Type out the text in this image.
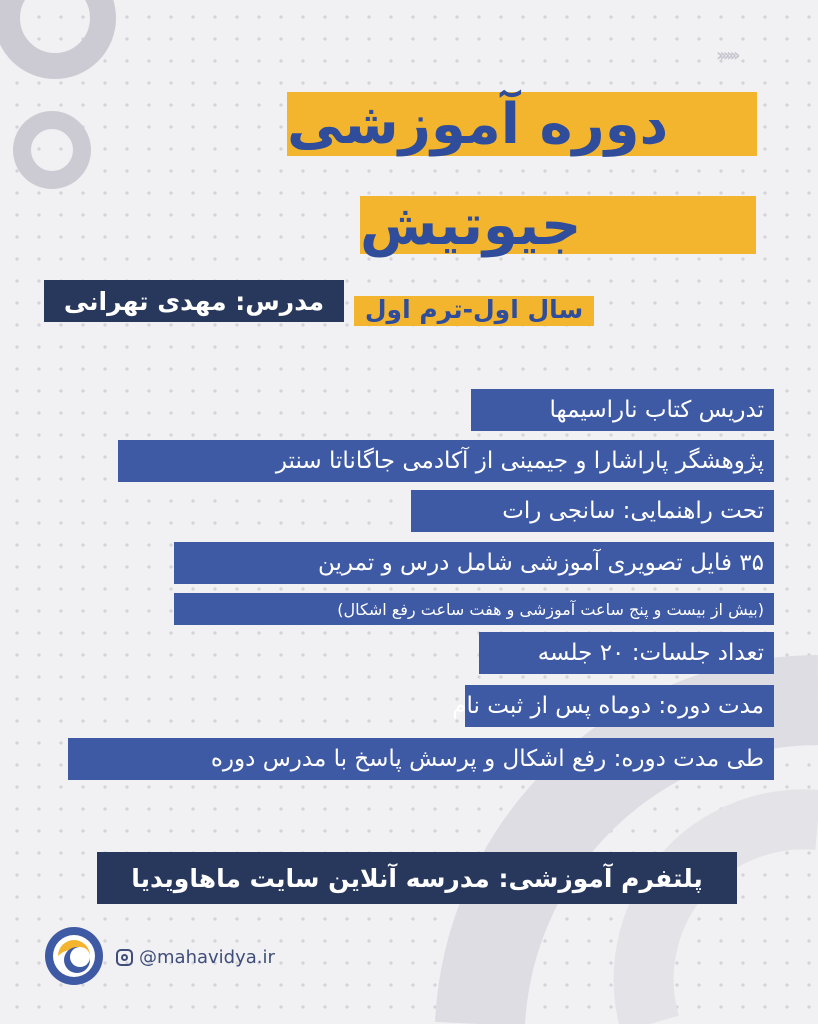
››››››
دوره آموزشی
جیوتیش
مدرس: مهدی تهرانی	سال اول-ترم اول
تدریس کتاب ناراسیمها
پژوهشگر پاراشارا و جیمینی از آکادمی جاگاناتا سنتر
تحت راهنمایی: سانجی رات
۳۵ فایل تصویری آموزشی شامل درس و تمرین
(بیش از بیست و پنج ساعت آموزشی و هفت ساعت رفع اشکال)
تعداد جلسات: ۲۰ جلسه
مدت دوره: دوماه پس از ثبت نام
طی مدت دوره: رفع اشکال و پرسش پاسخ با مدرس دوره
پلتفرم آموزشی: مدرسه آنلاین سایت ماهاویدیا
@mahavidya.ir
